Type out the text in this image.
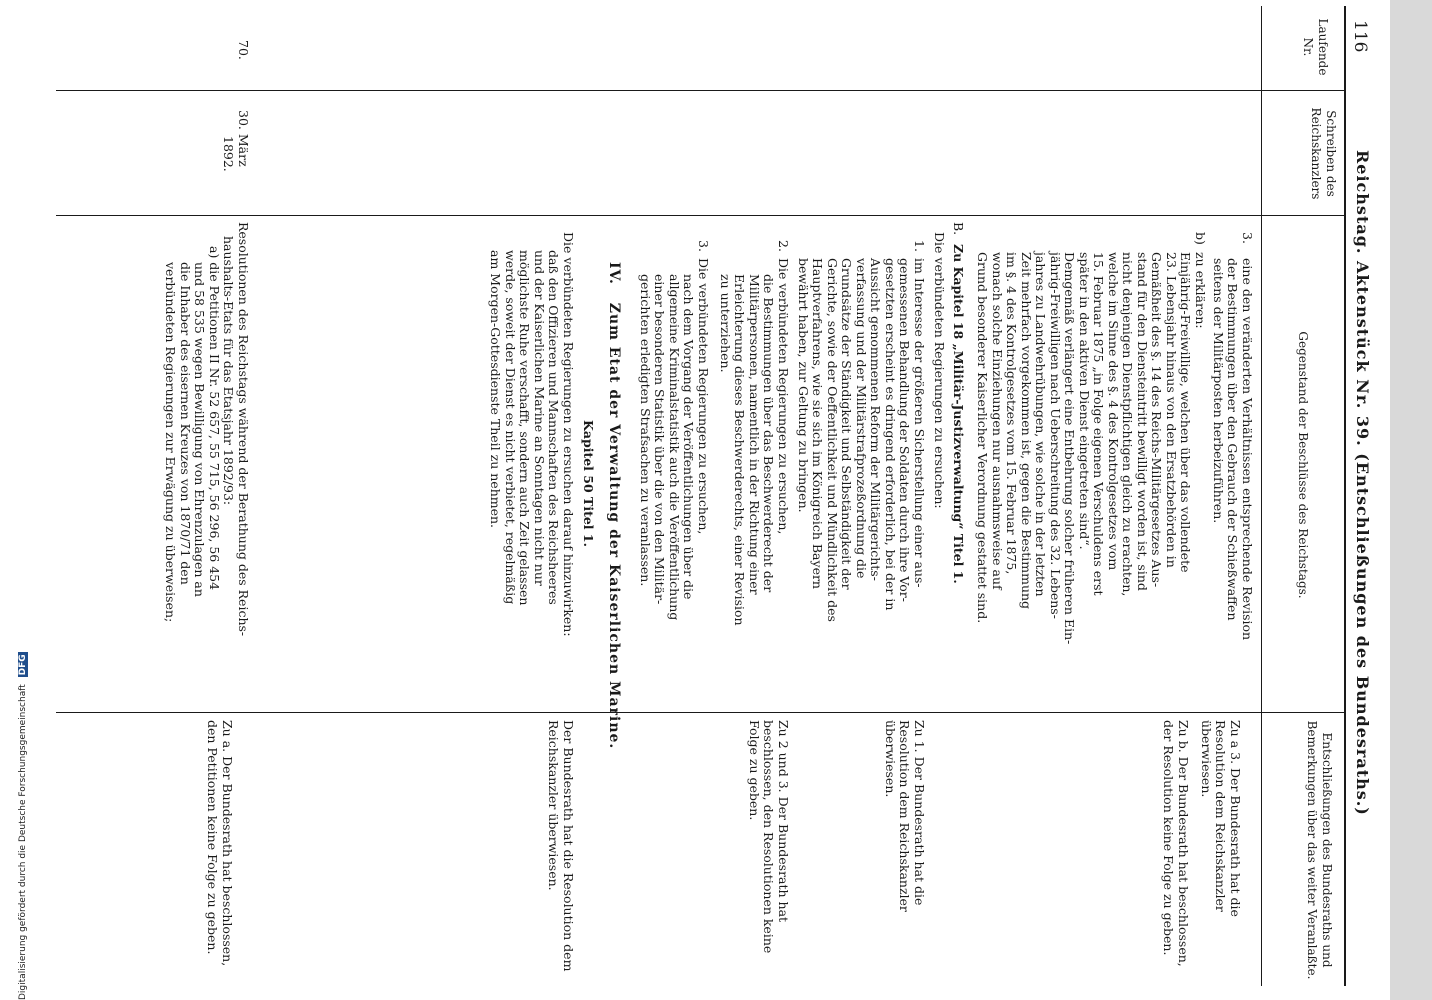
Digitalisierung gefördert durch die Deutsche Forschungsgemeinschaft DFG
116
Reichstag. Aktenstück Nr. 39. (Entschließungen des Bundesraths.)
Laufende Nr.
Schreiben des Reichskanzlers
Gegenstand der Beschlüsse des Reichstags.
Entschließungen des Bundesraths und Bemerkungen über das weiter Veranlaßte.
3.
eine den veränderten Verhältnissen entsprechende Revision
der Bestimmungen über den Gebrauch der Schießwaffen
seitens der Militärposten herbeizuführen.
b)
zu erklären:
Einjährig-Freiwillige, welchen über das vollendete
23. Lebensjahr hinaus von den Ersatzbehörden in
Gemäßheit des §. 14 des Reichs-Militärgesetzes Aus-
stand für den Diensteintritt bewilligt worden ist, sind
nicht denjenigen Dienstpflichtigen gleich zu erachten,
welche im Sinne des §. 4 des Kontrolgesetzes vom
15. Februar 1875 „in Folge eigenen Verschuldens erst
später in den aktiven Dienst eingetreten sind“.
Demgemäß verlängert eine Entbehrung solcher früheren Ein-
jährig-Freiwilligen nach Ueberschreitung des 32. Lebens-
jahres zu Landwehrübungen, wie solche in der letzten
Zeit mehrfach vorgekommen ist, gegen die Bestimmung
im §. 4 des Kontrolgesetzes vom 15. Februar 1875,
wonach solche Einziehungen nur ausnahmsweise auf
Grund besonderer Kaiserlicher Verordnung gestattet sind.
B.
Zu Kapitel 18 „Militär-Justizverwaltung“ Titel 1.
Die verbündeten Regierungen zu ersuchen:
1.
im Interesse der größeren Sicherstellung einer aus-
gemessenen Behandlung der Soldaten durch ihre Vor-
gesetzten erscheint es dringend erforderlich, bei der in
Aussicht genommenen Reform der Militärgerichts-
verfassung und der Militärstrafprozeßordnung die
Grundsätze der Ständigkeit und Selbständigkeit der
Gerichte, sowie der Oeffentlichkeit und Mündlichkeit des
Hauptverfahrens, wie sie sich im Königreich Bayern
bewährt haben, zur Geltung zu bringen.
2.
Die verbündeten Regierungen zu ersuchen,
die Bestimmungen über das Beschwerderecht der
Militärpersonen, namentlich in der Richtung einer
Erleichterung dieses Beschwerderechts, einer Revision
zu unterziehen.
3.
Die verbündeten Regierungen zu ersuchen,
nach dem Vorgang der Veröffentlichungen über die
allgemeine Kriminalstatistik auch die Veröffentlichung
einer besonderen Statistik über die von den Militär-
gerichten erledigten Strafsachen zu veranlassen.
IV. Zum Etat der Verwaltung der Kaiserlichen Marine.
Kapitel 50 Titel 1.
Die verbündeten Regierungen zu ersuchen darauf hinzuwirken:
daß den Offizieren und Mannschaften des Reichsheeres
und der Kaiserlichen Marine an Sonntagen nicht nur
möglichste Ruhe verschafft, sondern auch Zeit gelassen
werde, soweit der Dienst es nicht verbietet, regelmäßig
am Morgen-Gottesdienste Theil zu nehmen.
70.
30. März
1892.
Resolutionen des Reichstags während der Berathung des Reichs-
haushalts-Etats für das Etatsjahr 1892/93:
a) die Petitionen II Nr. 52 657, 55 715, 56 296, 56 454
und 58 535 wegen Bewilligung von Ehrenzulagen an
die Inhaber des eisernen Kreuzes von 1870/71 den
verbündeten Regierungen zur Erwägung zu überweisen;
Zu a 3. Der Bundesrath hat die Resolution dem Reichskanzler überwiesen.
Zu b. Der Bundesrath hat beschlossen, der Resolution keine Folge zu geben.
Zu 1. Der Bundesrath hat die Resolution dem Reichskanzler überwiesen.
Zu 2 und 3. Der Bundesrath hat beschlossen, den Resolutionen keine Folge zu geben.
Der Bundesrath hat die Resolution dem Reichskanzler überwiesen.
Zu a. Der Bundesrath hat beschlossen, den Petitionen keine Folge zu geben.
